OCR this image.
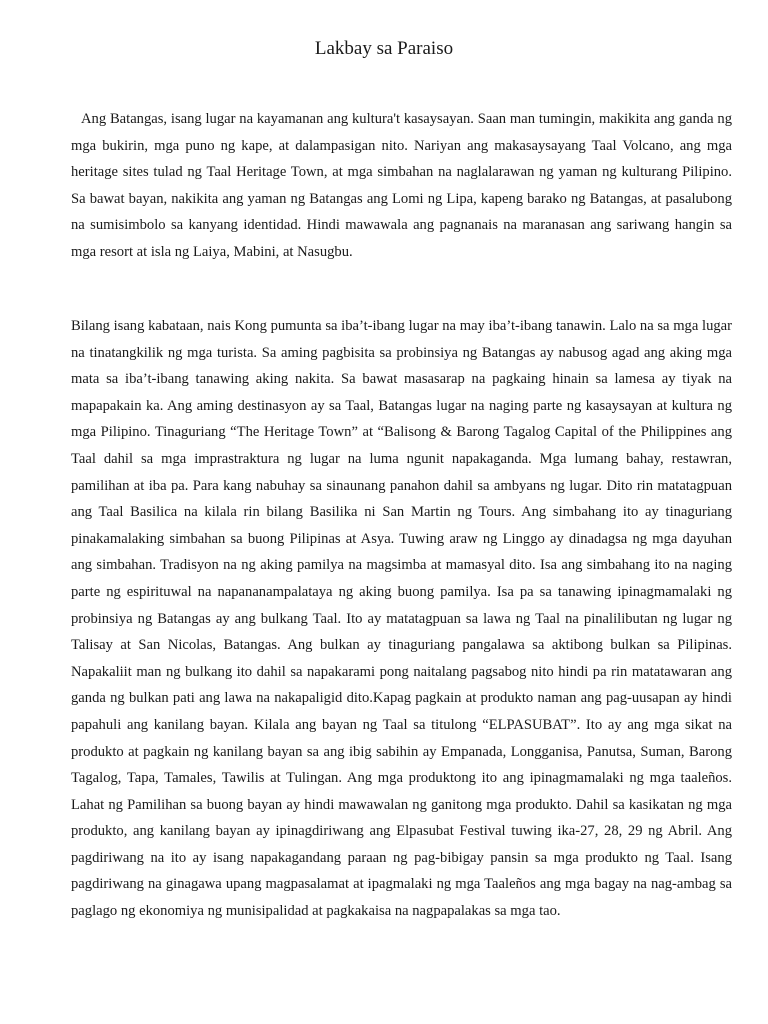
Lakbay sa Paraiso

Ang Batangas, isang lugar na kayamanan ang kultura't kasaysayan. Saan man tumingin, makikita ang ganda ng mga bukirin, mga puno ng kape, at dalampasigan nito. Nariyan ang makasaysayang Taal Volcano, ang mga heritage sites tulad ng Taal Heritage Town, at mga simbahan na naglalarawan ng yaman ng kulturang Pilipino. Sa bawat bayan, nakikita ang yaman ng Batangas ang Lomi ng Lipa, kapeng barako ng Batangas, at pasalubong na sumisimbolo sa kanyang identidad. Hindi mawawala ang pagnanais na maranasan ang sariwang hangin sa mga resort at isla ng Laiya, Mabini, at Nasugbu.

Bilang isang kabataan, nais Kong pumunta sa iba’t-ibang lugar na may iba’t-ibang tanawin. Lalo na sa mga lugar na tinatangkilik ng mga turista. Sa aming pagbisita sa probinsiya ng Batangas ay nabusog agad ang aking mga mata sa iba’t-ibang tanawing aking nakita. Sa bawat masasarap na pagkaing hinain sa lamesa ay tiyak na mapapakain ka. Ang aming destinasyon ay sa Taal, Batangas lugar na naging parte ng kasaysayan at kultura ng mga Pilipino. Tinaguriang “The Heritage Town” at “Balisong & Barong Tagalog Capital of the Philippines ang Taal dahil sa mga imprastraktura ng lugar na luma ngunit napakaganda. Mga lumang bahay, restawran, pamilihan at iba pa. Para kang nabuhay sa sinaunang panahon dahil sa ambyans ng lugar. Dito rin matatagpuan ang Taal Basilica na kilala rin bilang Basilika ni San Martin ng Tours. Ang simbahang ito ay tinaguriang pinakamalaking simbahan sa buong Pilipinas at Asya. Tuwing araw ng Linggo ay dinadagsa ng mga dayuhan ang simbahan. Tradisyon na ng aking pamilya na magsimba at mamasyal dito. Isa ang simbahang ito na naging parte ng espirituwal na napananampalataya ng aking buong pamilya. Isa pa sa tanawing ipinagmamalaki ng probinsiya ng Batangas ay ang bulkang Taal. Ito ay matatagpuan sa lawa ng Taal na pinalilibutan ng lugar ng Talisay at San Nicolas, Batangas. Ang bulkan ay tinaguriang pangalawa sa aktibong bulkan sa Pilipinas. Napakaliit man ng bulkang ito dahil sa napakarami pong naitalang pagsabog nito hindi pa rin matatawaran ang ganda ng bulkan pati ang lawa na nakapaligid dito.Kapag pagkain at produkto naman ang pag-uusapan ay hindi papahuli ang kanilang bayan. Kilala ang bayan ng Taal sa titulong “ELPASUBAT”. Ito ay ang mga sikat na produkto at pagkain ng kanilang bayan sa ang ibig sabihin ay Empanada, Longganisa, Panutsa, Suman, Barong Tagalog, Tapa, Tamales, Tawilis at Tulingan. Ang mga produktong ito ang ipinagmamalaki ng mga taaleños. Lahat ng Pamilihan sa buong bayan ay hindi mawawalan ng ganitong mga produkto. Dahil sa kasikatan ng mga produkto, ang kanilang bayan ay ipinagdiriwang ang Elpasubat Festival tuwing ika-27, 28, 29 ng Abril. Ang pagdiriwang na ito ay isang napakagandang paraan ng pag-bibigay pansin sa mga produkto ng Taal. Isang pagdiriwang na ginagawa upang magpasalamat at ipagmalaki ng mga Taaleños ang mga bagay na nag-ambag sa paglago ng ekonomiya ng munisipalidad at pagkakaisa na nagpapalakas sa mga tao.
